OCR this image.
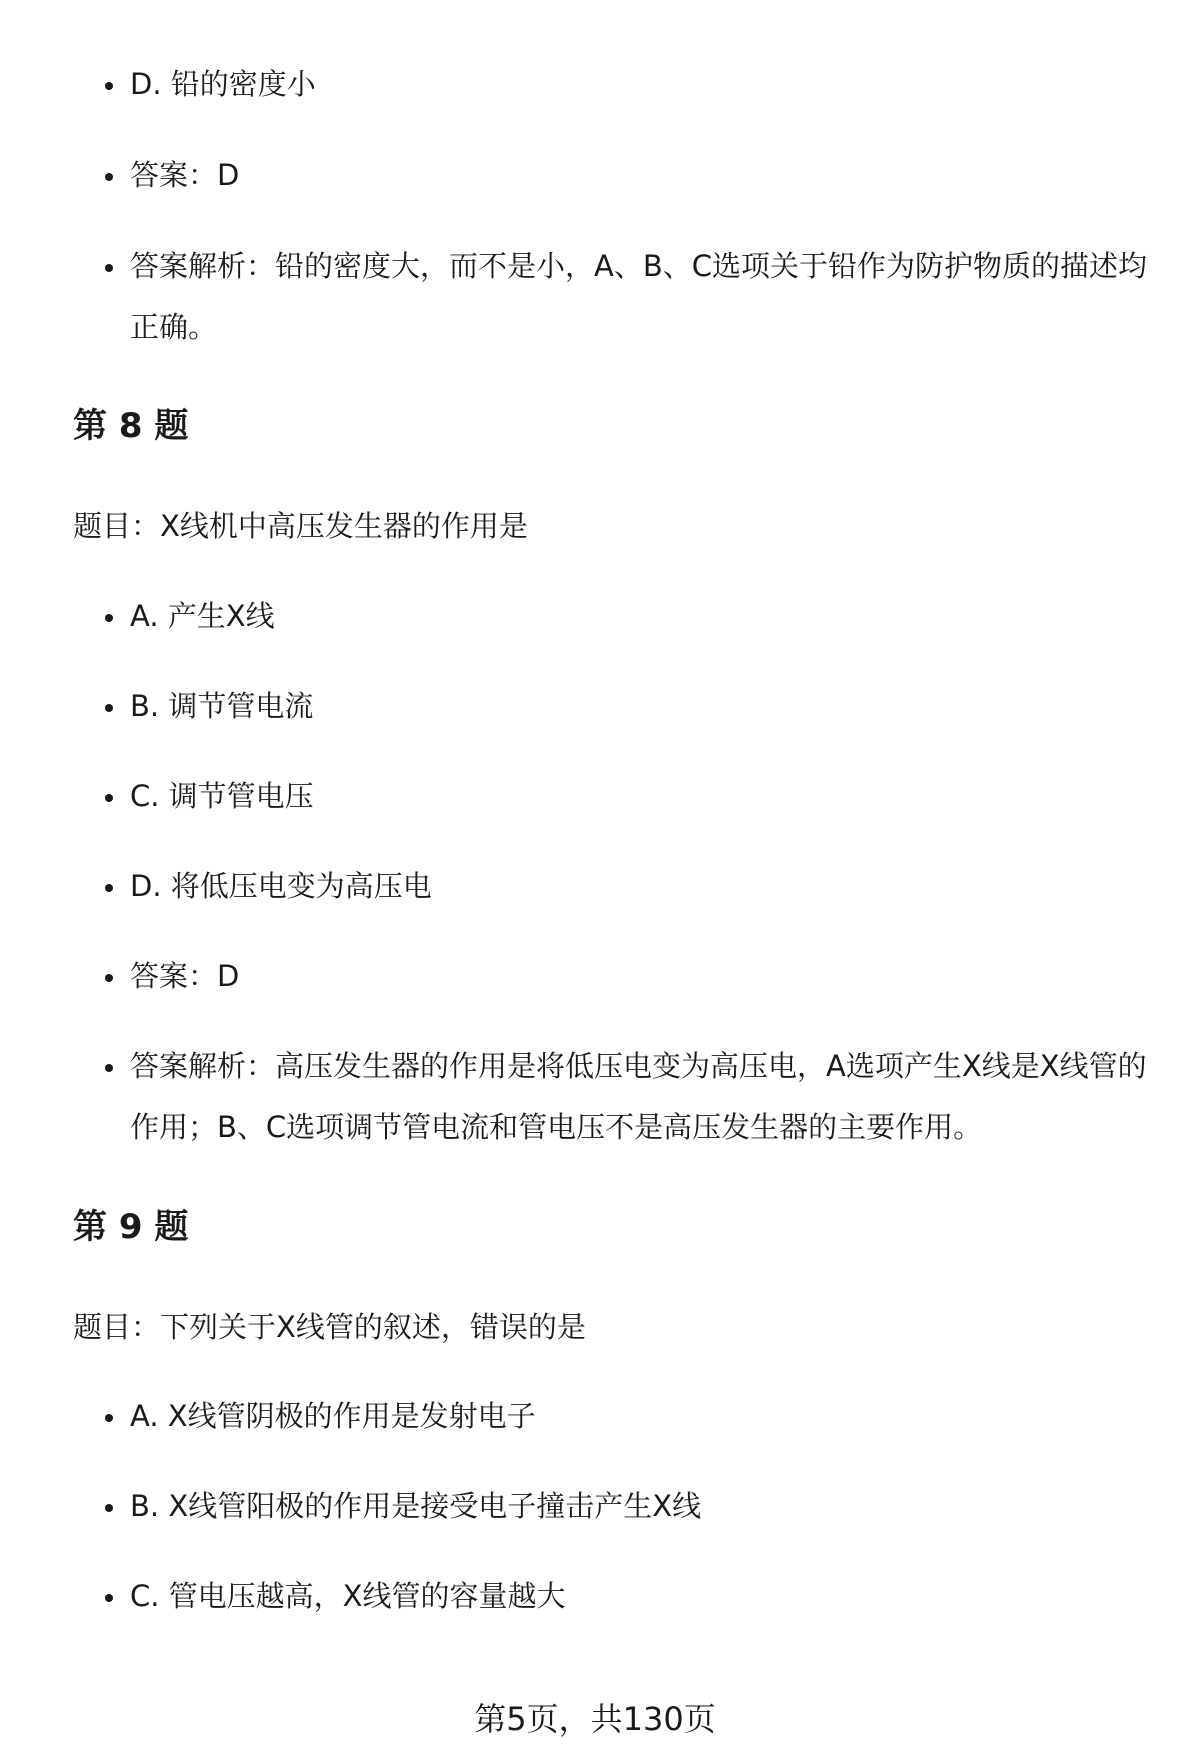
D. 铅的密度小
答案：D
答案解析：铅的密度大，而不是小，A、B、C选项关于铅作为防护物质的描述均正确。
第 8 题
题目：X线机中高压发生器的作用是
A. 产生X线
B. 调节管电流
C. 调节管电压
D. 将低压电变为高压电
答案：D
答案解析：高压发生器的作用是将低压电变为高压电，A选项产生X线是X线管的作用；B、C选项调节管电流和管电压不是高压发生器的主要作用。
第 9 题
题目：下列关于X线管的叙述，错误的是
A. X线管阴极的作用是发射电子
B. X线管阳极的作用是接受电子撞击产生X线
C. 管电压越高，X线管的容量越大
第5页，共130页
